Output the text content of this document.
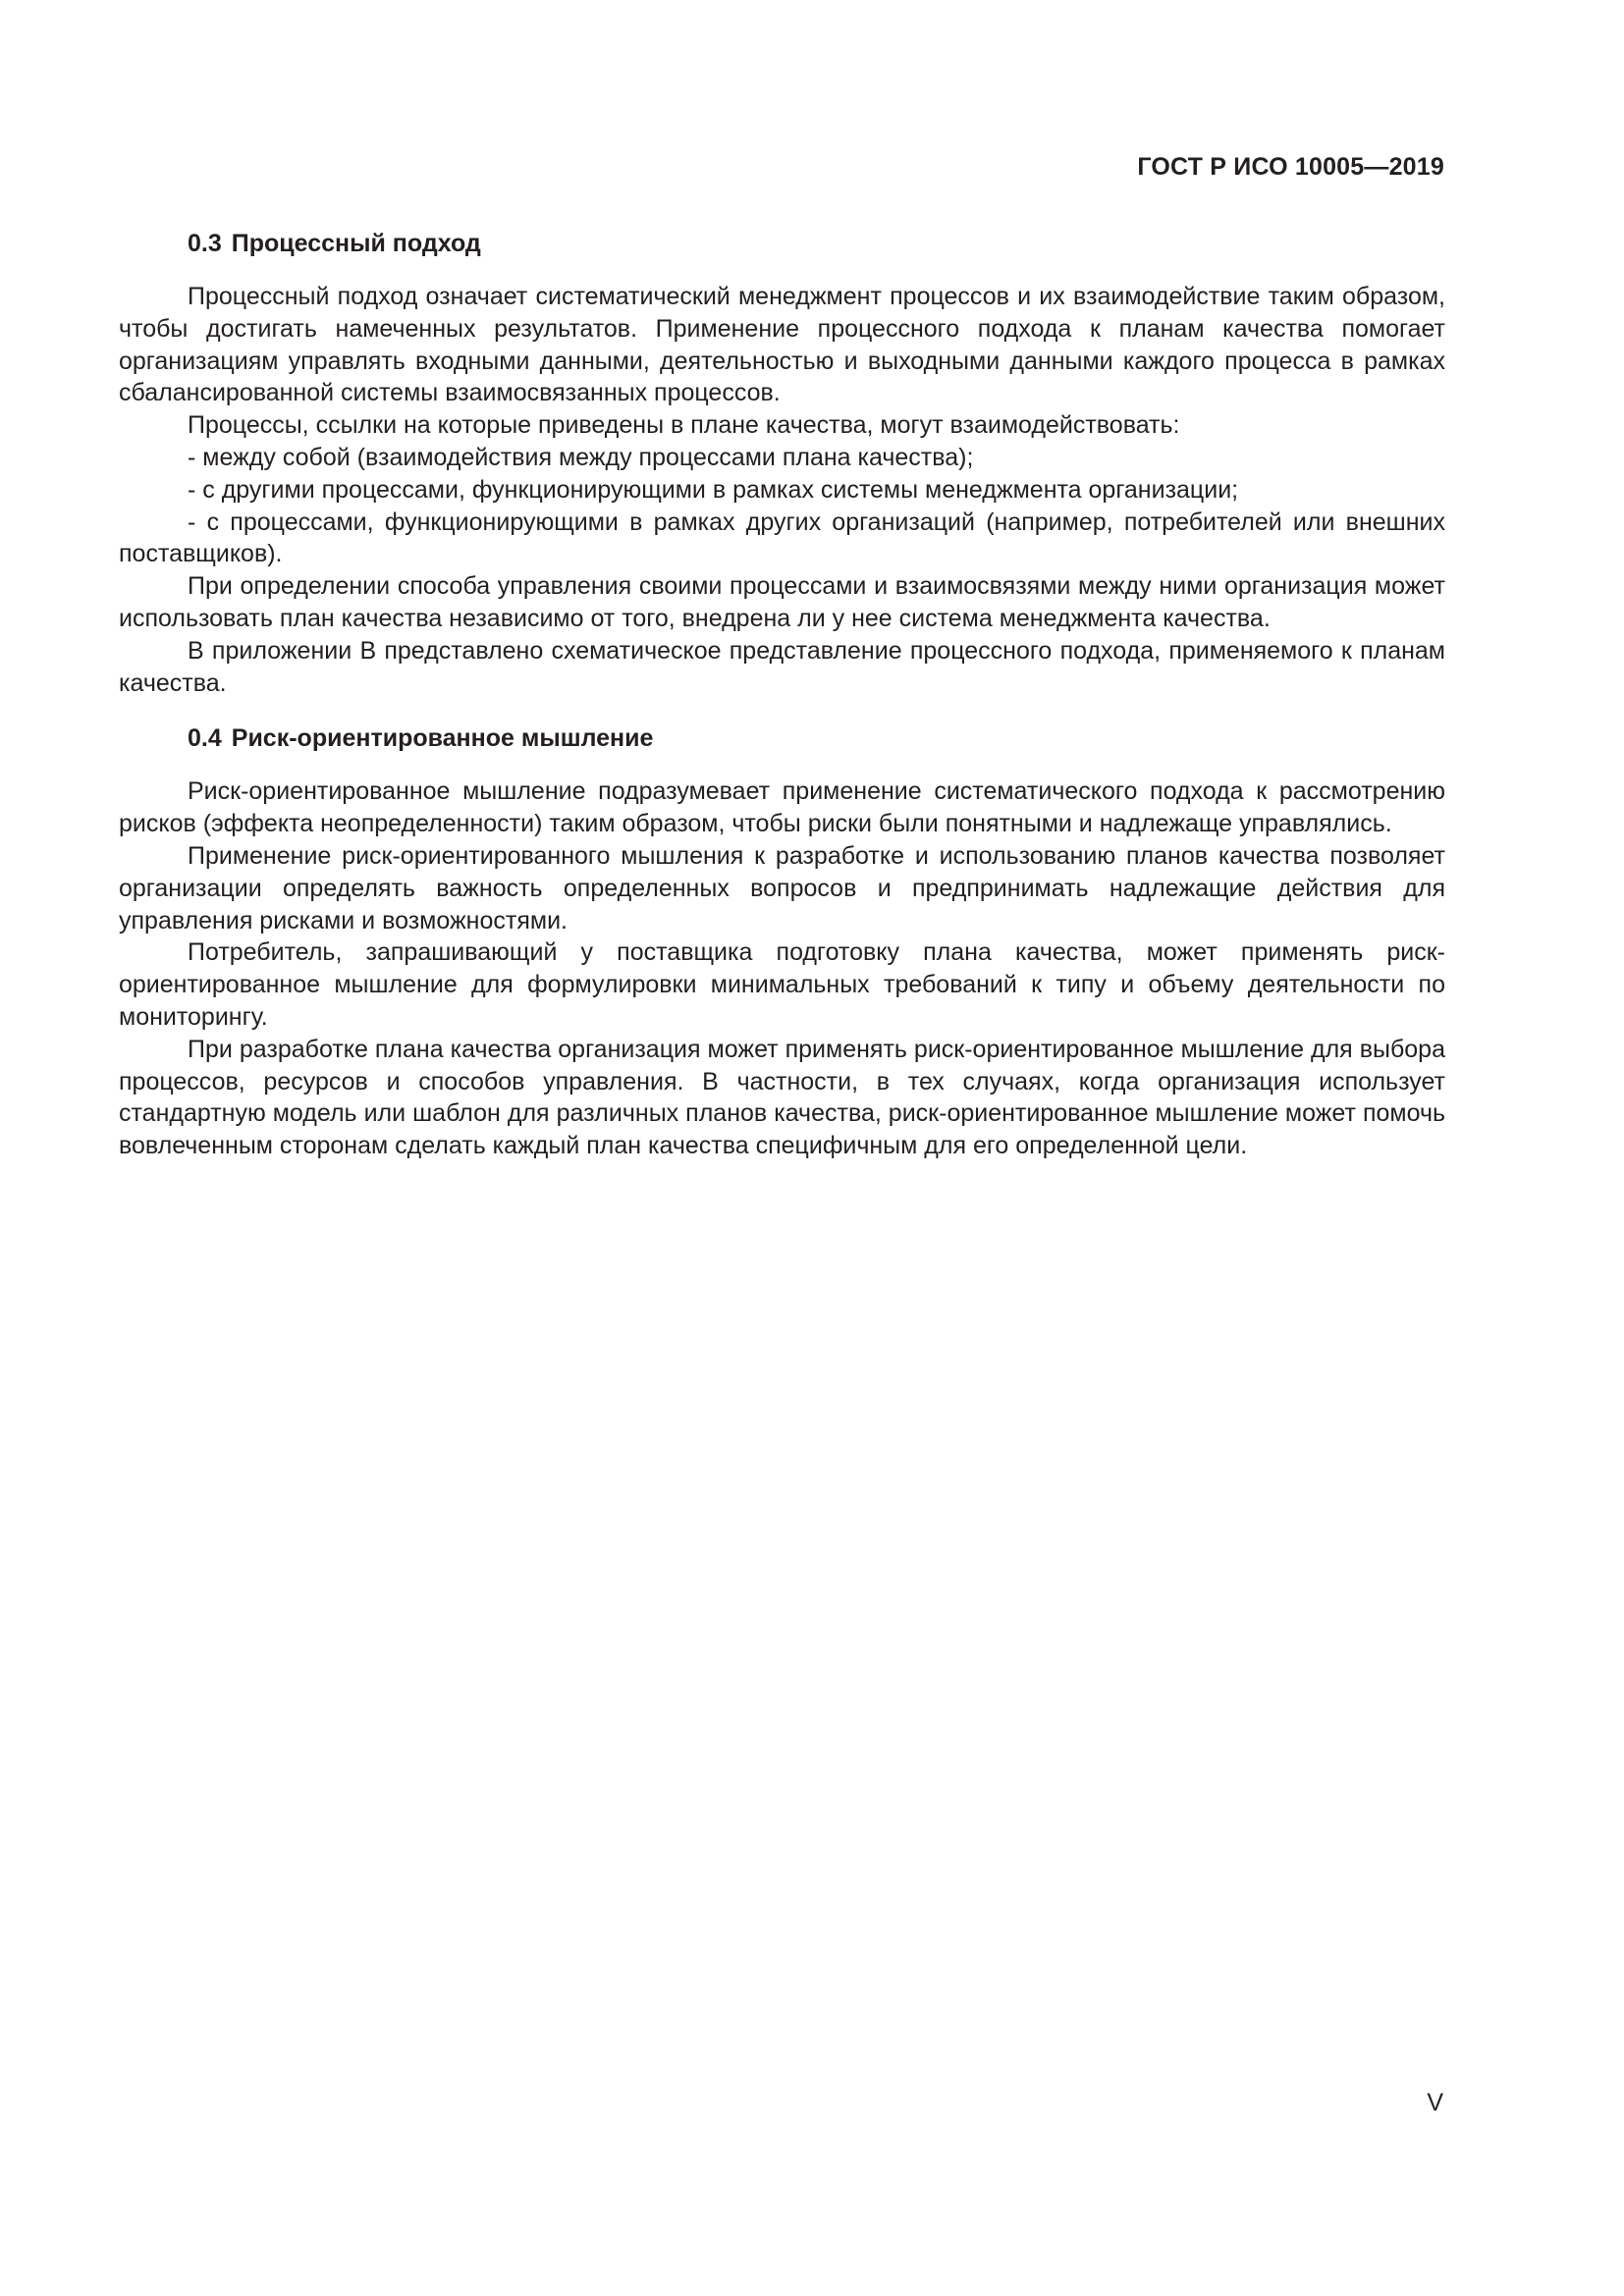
ГОСТ Р ИСО 10005—2019

0.3 Процессный подход

Процессный подход означает систематический менеджмент процессов и их взаимодействие таким образом, чтобы достигать намеченных результатов. Применение процессного подхода к планам качества помогает организациям управлять входными данными, деятельностью и выходными данными каждого процесса в рамках сбалансированной системы взаимосвязанных процессов.

Процессы, ссылки на которые приведены в плане качества, могут взаимодействовать:

- между собой (взаимодействия между процессами плана качества);

- с другими процессами, функционирующими в рамках системы менеджмента организации;

- с процессами, функционирующими в рамках других организаций (например, потребителей или внешних поставщиков).

При определении способа управления своими процессами и взаимосвязями между ними организация может использовать план качества независимо от того, внедрена ли у нее система менеджмента качества.

В приложении В представлено схематическое представление процессного подхода, применяемого к планам качества.

0.4 Риск-ориентированное мышление

Риск-ориентированное мышление подразумевает применение систематического подхода к рассмотрению рисков (эффекта неопределенности) таким образом, чтобы риски были понятными и надлежаще управлялись.

Применение риск-ориентированного мышления к разработке и использованию планов качества позволяет организации определять важность определенных вопросов и предпринимать надлежащие действия для управления рисками и возможностями.

Потребитель, запрашивающий у поставщика подготовку плана качества, может применять риск-ориентированное мышление для формулировки минимальных требований к типу и объему деятельности по мониторингу.

При разработке плана качества организация может применять риск-ориентированное мышление для выбора процессов, ресурсов и способов управления. В частности, в тех случаях, когда организация использует стандартную модель или шаблон для различных планов качества, риск-ориентированное мышление может помочь вовлеченным сторонам сделать каждый план качества специфичным для его определенной цели.

V
